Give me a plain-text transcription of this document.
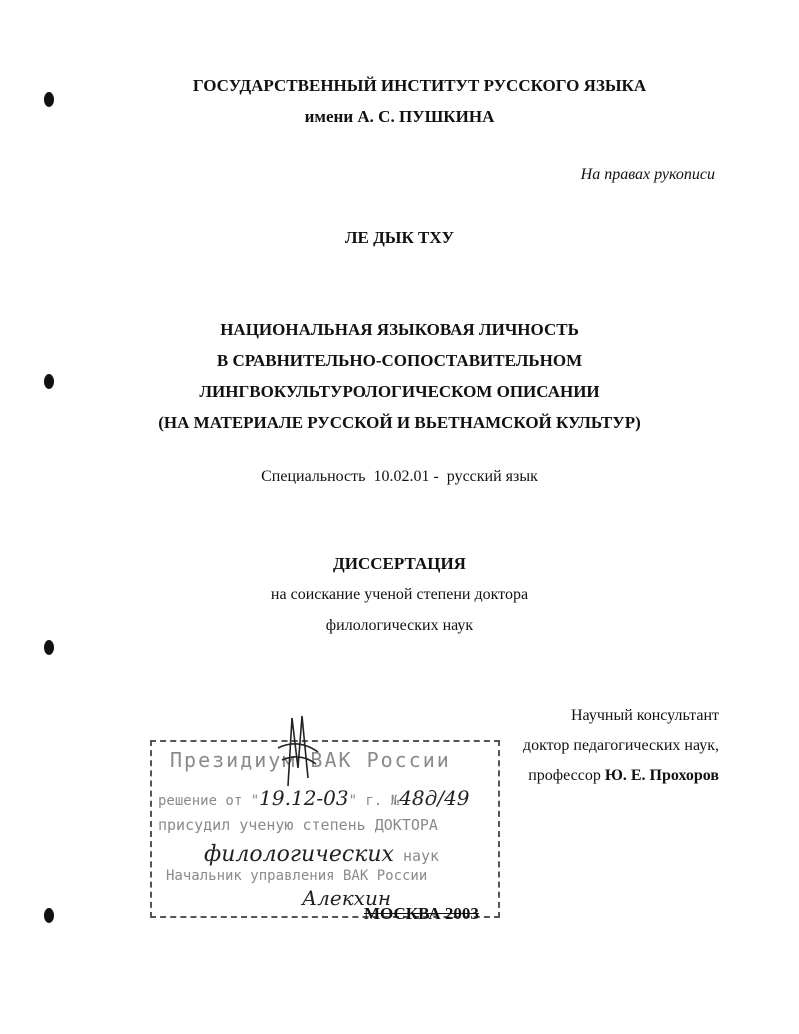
ГОСУДАРСТВЕННЫЙ ИНСТИТУТ РУССКОГО ЯЗЫКА
имени А. С. ПУШКИНА
На правах рукописи
ЛЕ ДЫК ТХУ
НАЦИОНАЛЬНАЯ ЯЗЫКОВАЯ ЛИЧНОСТЬ
В СРАВНИТЕЛЬНО-СОПОСТАВИТЕЛЬНОМ
ЛИНГВОКУЛЬТУРОЛОГИЧЕСКОМ ОПИСАНИИ
(НА МАТЕРИАЛЕ РУССКОЙ И ВЬЕТНАМСКОЙ КУЛЬТУР)
Специальность  10.02.01 -  русский язык
ДИССЕРТАЦИЯ
на соискание ученой степени доктора
филологических наук
Научный консультант
доктор педагогических наук,
профессор Ю. Е. Прохоров
Президиум ВАК России
решение от "19.12-03" г. №48д/49
присудил ученую степень ДОКТОРА
филологических наук
Начальник управления ВАК России
Алекхин
МОСКВА 2003
